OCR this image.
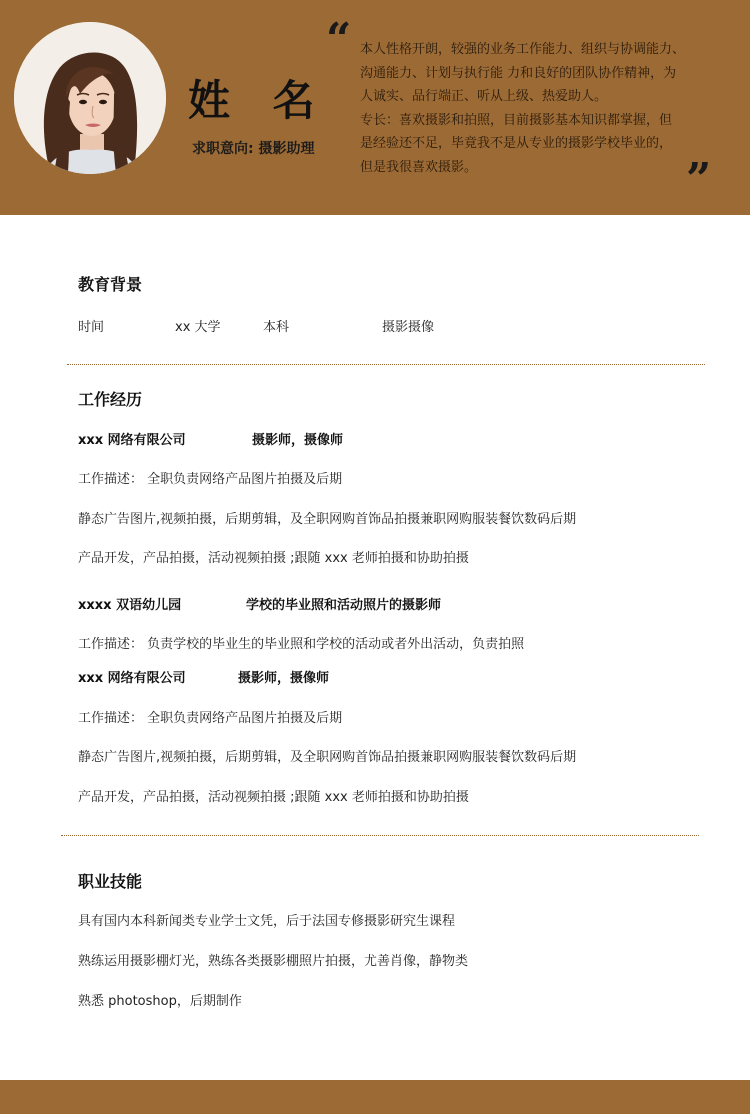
姓 名
求职意向: 摄影助理
“ 本人性格开朗，较强的业务工作能力、组织与协调能力、

沟通能力、计划与执行能 力和良好的团队协作精神，为

人诚实、品行端正、听从上级、热爱助人。

专长：喜欢摄影和拍照，目前摄影基本知识都掌握，但

是经验还不足，毕竟我不是从专业的摄影学校毕业的，

但是我很喜欢摄影。	”
教育背景
时间	xx 大学	本科	摄影摄像
工作经历
xxx 网络有限公司	摄影师，摄像师
工作描述： 全职负责网络产品图片拍摄及后期
静态广告图片,视频拍摄，后期剪辑，及全职网购首饰品拍摄兼职网购服装餐饮数码后期
产品开发，产品拍摄，活动视频拍摄 ;跟随 xxx 老师拍摄和协助拍摄
xxxx 双语幼儿园	学校的毕业照和活动照片的摄影师
工作描述： 负责学校的毕业生的毕业照和学校的活动或者外出活动，负责拍照
xxx 网络有限公司	摄影师，摄像师
工作描述： 全职负责网络产品图片拍摄及后期
静态广告图片,视频拍摄，后期剪辑，及全职网购首饰品拍摄兼职网购服装餐饮数码后期
产品开发，产品拍摄，活动视频拍摄 ;跟随 xxx 老师拍摄和协助拍摄
职业技能
具有国内本科新闻类专业学士文凭，后于法国专修摄影研究生课程
熟练运用摄影棚灯光，熟练各类摄影棚照片拍摄，尤善肖像，静物类
熟悉 photoshop，后期制作
